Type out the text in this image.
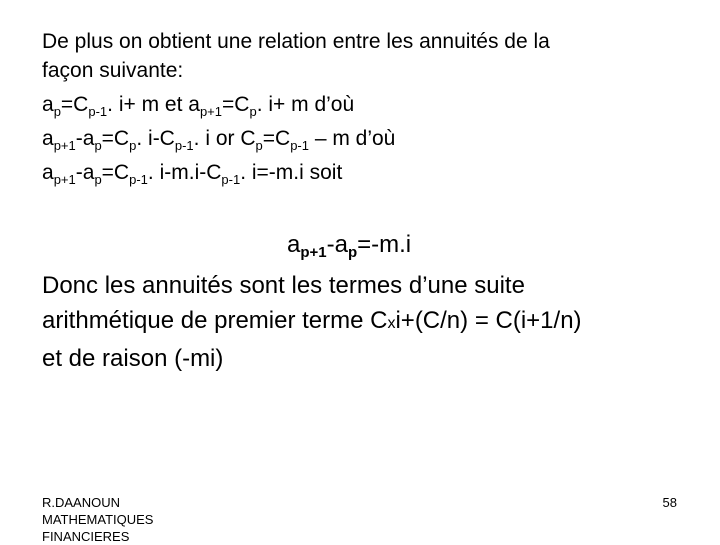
De plus on obtient une relation entre les annuités de la
façon suivante:
$a_p=C_{p-1}$. i+ m et $a_{p+1}=C_p$. i+ m d’où
$a_{p+1}-a_p=C_p$. $i-C_{p-1}$. i or $C_p=C_{p-1} - m$ d’où
$a_{p+1}-a_p=C_{p-1}$. $i-m.i-C_{p-1}$. i=-m.i soit
$a_{p+1}-a_p=-m.i$
Donc les annuités sont les termes d’une suite
arithmétique de premier terme Cxi+(C/n) = C(i+1/n)
et de raison (-mi)
R.DAANOUN
MATHEMATIQUES
FINANCIERES
58
